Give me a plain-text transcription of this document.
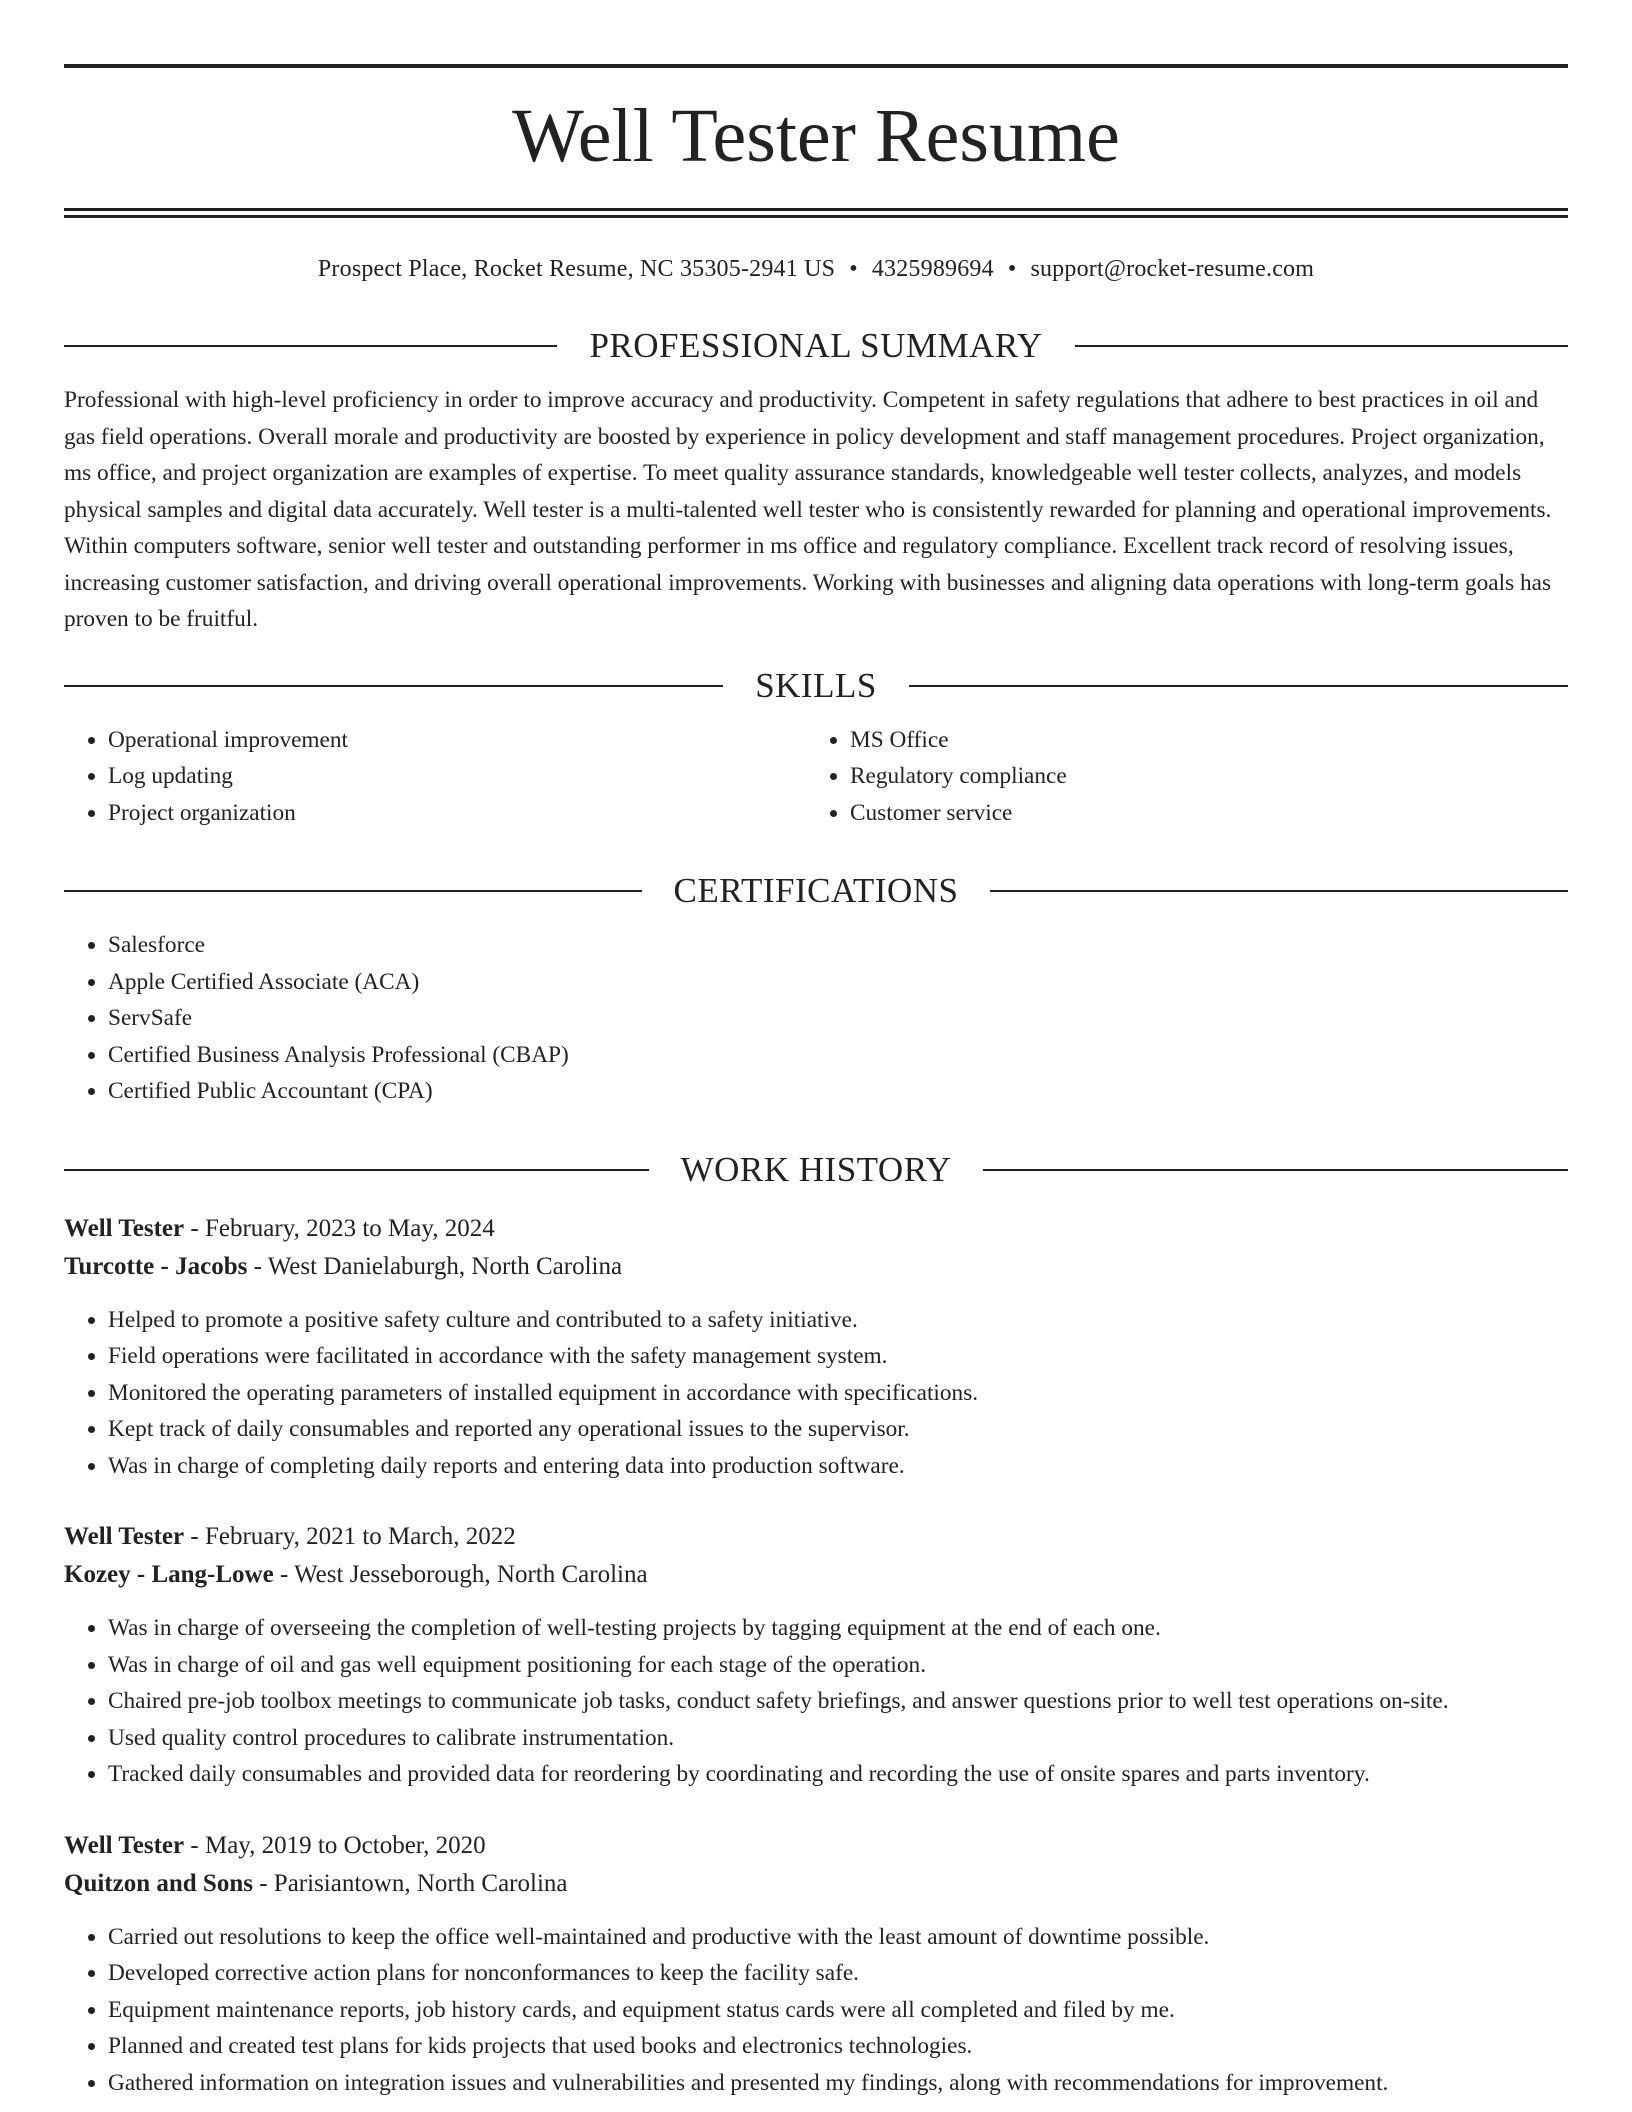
Well Tester Resume
Prospect Place, Rocket Resume, NC 35305-2941 US • 4325989694 • support@rocket-resume.com
PROFESSIONAL SUMMARY

Professional with high-level proficiency in order to improve accuracy and productivity. Competent in safety regulations that adhere to best practices in oil and gas field operations. Overall morale and productivity are boosted by experience in policy development and staff management procedures. Project organization, ms office, and project organization are examples of expertise. To meet quality assurance standards, knowledgeable well tester collects, analyzes, and models physical samples and digital data accurately. Well tester is a multi-talented well tester who is consistently rewarded for planning and operational improvements. Within computers software, senior well tester and outstanding performer in ms office and regulatory compliance. Excellent track record of resolving issues, increasing customer satisfaction, and driving overall operational improvements. Working with businesses and aligning data operations with long-term goals has proven to be fruitful.

SKILLS
• Operational improvement
• Log updating
• Project organization
• MS Office
• Regulatory compliance
• Customer service
CERTIFICATIONS
• Salesforce
• Apple Certified Associate (ACA)
• ServSafe
• Certified Business Analysis Professional (CBAP)
• Certified Public Accountant (CPA)
WORK HISTORY
Well Tester - February, 2023 to May, 2024
Turcotte - Jacobs - West Danielaburgh, North Carolina
• Helped to promote a positive safety culture and contributed to a safety initiative.
• Field operations were facilitated in accordance with the safety management system.
• Monitored the operating parameters of installed equipment in accordance with specifications.
• Kept track of daily consumables and reported any operational issues to the supervisor.
• Was in charge of completing daily reports and entering data into production software.
Well Tester - February, 2021 to March, 2022
Kozey - Lang-Lowe - West Jesseborough, North Carolina
• Was in charge of overseeing the completion of well-testing projects by tagging equipment at the end of each one.
• Was in charge of oil and gas well equipment positioning for each stage of the operation.
• Chaired pre-job toolbox meetings to communicate job tasks, conduct safety briefings, and answer questions prior to well test operations on-site.
• Used quality control procedures to calibrate instrumentation.
• Tracked daily consumables and provided data for reordering by coordinating and recording the use of onsite spares and parts inventory.
Well Tester - May, 2019 to October, 2020
Quitzon and Sons - Parisiantown, North Carolina
• Carried out resolutions to keep the office well-maintained and productive with the least amount of downtime possible.
• Developed corrective action plans for nonconformances to keep the facility safe.
• Equipment maintenance reports, job history cards, and equipment status cards were all completed and filed by me.
• Planned and created test plans for kids projects that used books and electronics technologies.
• Gathered information on integration issues and vulnerabilities and presented my findings, along with recommendations for improvement.
